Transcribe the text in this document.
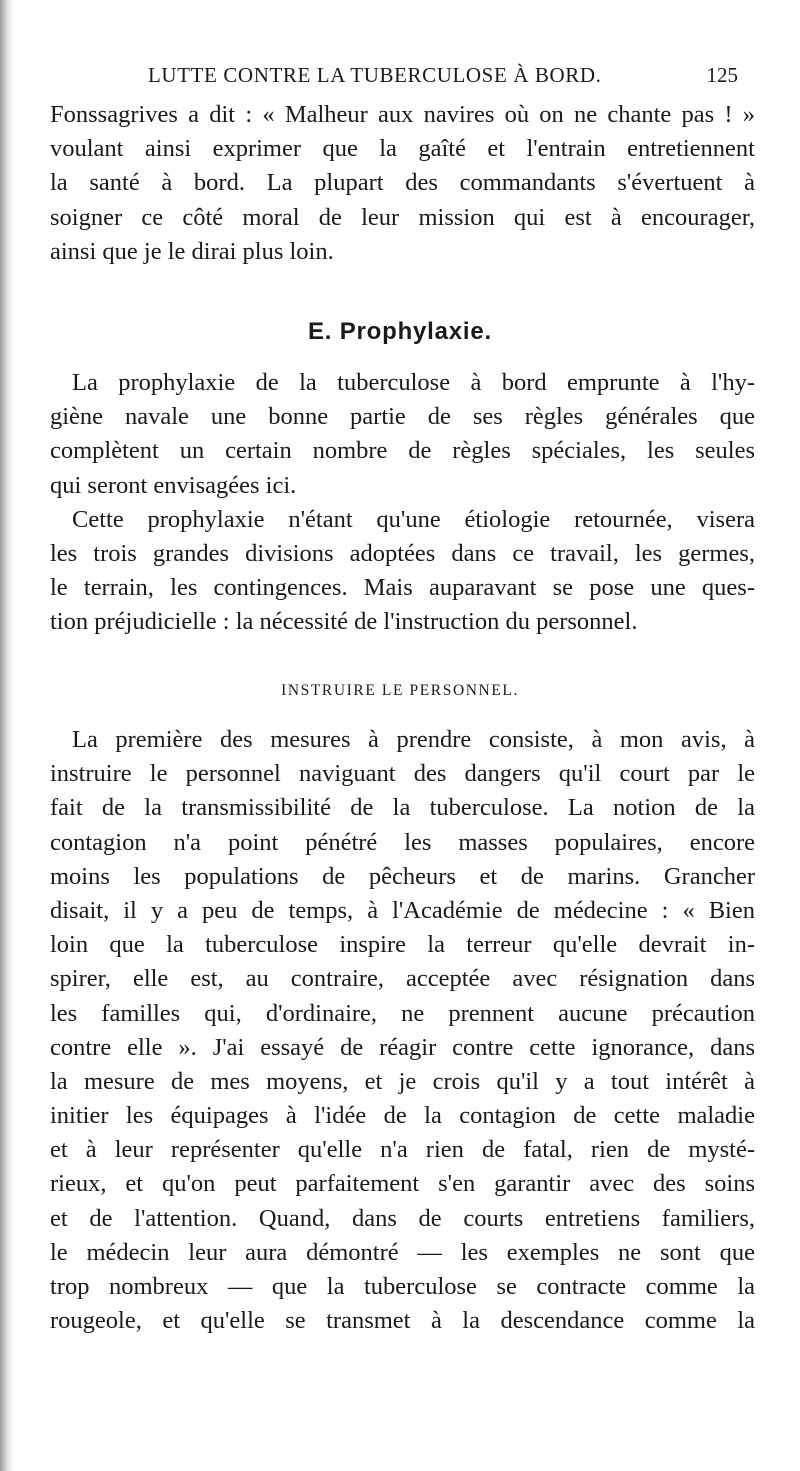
LUTTE CONTRE LA TUBERCULOSE À BORD.	125
Fonssagrives a dit : « Malheur aux navires où on ne chante pas ! »
voulant ainsi exprimer que la gaîté et l'entrain entretiennent
la santé à bord. La plupart des commandants s'évertuent à
soigner ce côté moral de leur mission qui est à encourager,
ainsi que je le dirai plus loin.
E. Prophylaxie.
La prophylaxie de la tuberculose à bord emprunte à l'hy-
giène navale une bonne partie de ses règles générales que
complètent un certain nombre de règles spéciales, les seules
qui seront envisagées ici.
Cette prophylaxie n'étant qu'une étiologie retournée, visera
les trois grandes divisions adoptées dans ce travail, les germes,
le terrain, les contingences. Mais auparavant se pose une ques-
tion préjudicielle : la nécessité de l'instruction du personnel.
INSTRUIRE LE PERSONNEL.
La première des mesures à prendre consiste, à mon avis, à
instruire le personnel naviguant des dangers qu'il court par le
fait de la transmissibilité de la tuberculose. La notion de la
contagion n'a point pénétré les masses populaires, encore
moins les populations de pêcheurs et de marins. Grancher
disait, il y a peu de temps, à l'Académie de médecine : « Bien
loin que la tuberculose inspire la terreur qu'elle devrait in-
spirer, elle est, au contraire, acceptée avec résignation dans
les familles qui, d'ordinaire, ne prennent aucune précaution
contre elle ». J'ai essayé de réagir contre cette ignorance, dans
la mesure de mes moyens, et je crois qu'il y a tout intérêt à
initier les équipages à l'idée de la contagion de cette maladie
et à leur représenter qu'elle n'a rien de fatal, rien de mysté-
rieux, et qu'on peut parfaitement s'en garantir avec des soins
et de l'attention. Quand, dans de courts entretiens familiers,
le médecin leur aura démontré — les exemples ne sont que
trop nombreux — que la tuberculose se contracte comme la
rougeole, et qu'elle se transmet à la descendance comme la
